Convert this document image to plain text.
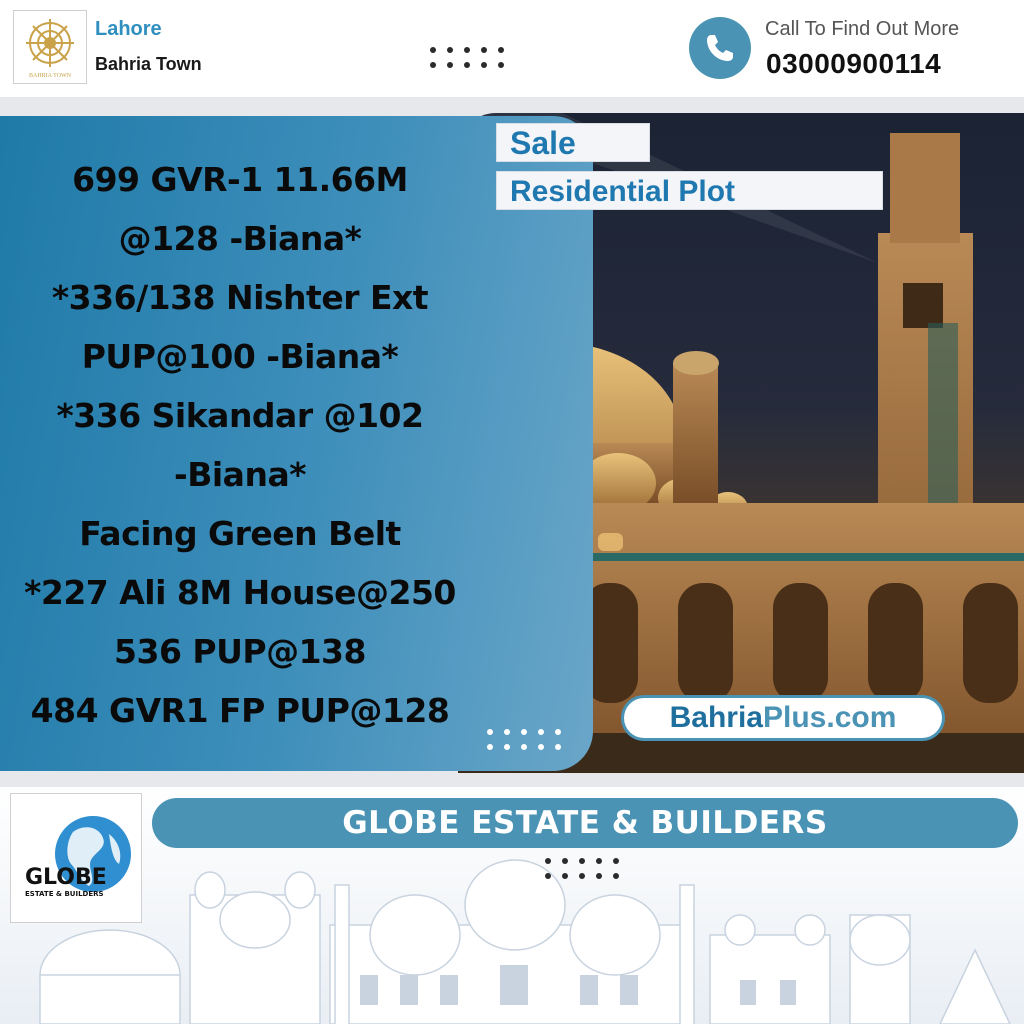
BAHRIA TOWN
Lahore
Bahria Town
Call To Find Out More
03000900114
699 GVR-1 11.66M
@128 -Biana*
*336/138 Nishter Ext
PUP@100 -Biana*
*336 Sikandar @102
-Biana*
Facing Green Belt
*227 Ali 8M House@250
536 PUP@138
484 GVR1 FP PUP@128
Sale
Residential Plot
BahriaPlus.com
GLOBE
ESTATE & BUILDERS
GLOBE ESTATE & BUILDERS
